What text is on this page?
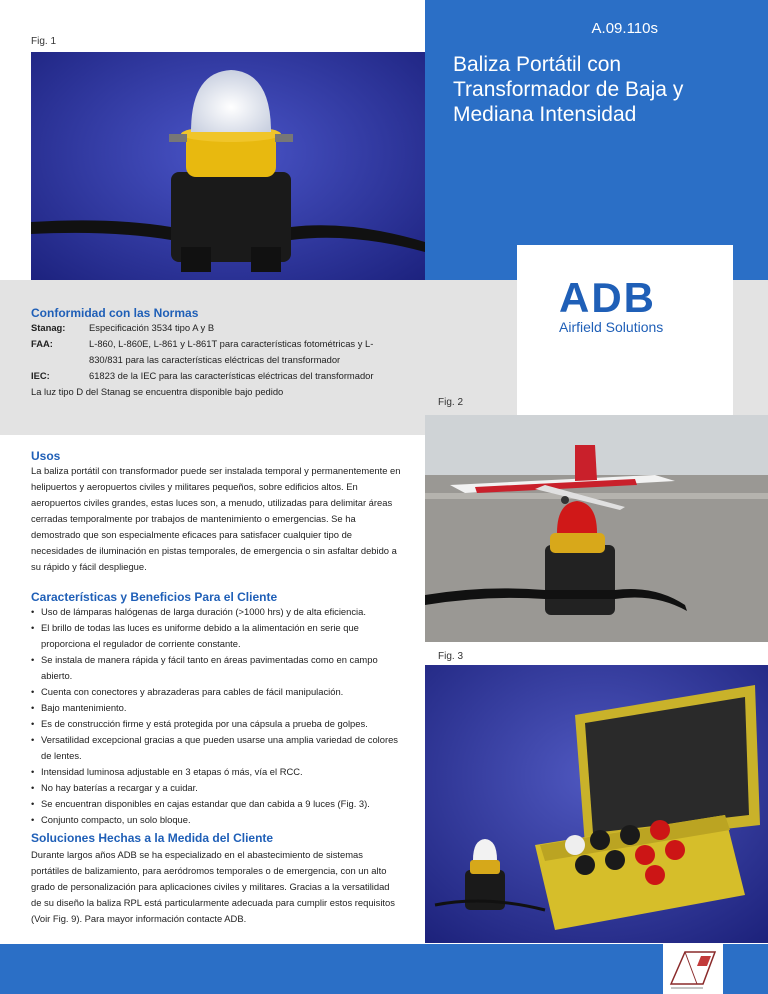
Fig. 1
Baliza Portátil con Transformador de Baja y Mediana Intensidad
ADB
Airfield Solutions
Conformidad con las Normas
Stanag:	Especificación 3534 tipo A y B
FAA:	L-860, L-860E, L-861 y L-861T para características fotométricas y L-830/831 para las características eléctricas del transformador
IEC:	61823 de la IEC para las características eléctricas del transformador
La luz tipo D del Stanag se encuentra disponible bajo pedido
Fig. 2
Usos

La baliza portátil con transformador puede ser instalada temporal y permanentemente en helipuertos y aeropuertos civiles y militares pequeños, sobre edificios altos. En aeropuertos civiles grandes, estas luces son, a menudo, utilizadas para delimitar áreas cerradas temporalmente por trabajos de mantenimiento o emergencias. Se ha demostrado que son especialmente eficaces para satisfacer cualquier tipo de necesidades de iluminación en pistas temporales, de emergencia o sin asfaltar debido a su rápido y fácil despliegue.

Características y Beneficios Para el Cliente
• Uso de lámparas halógenas de larga duración (>1000 hrs) y de alta eficiencia.
• El brillo de todas las luces es uniforme debido a la alimentación en serie que proporciona el regulador de corriente constante.
• Se instala de manera rápida y fácil tanto en áreas pavimentadas como en campo abierto.
• Cuenta con conectores y abrazaderas para cables de fácil manipulación.
• Bajo mantenimiento.
• Es de construcción firme y está protegida por una cápsula a prueba de golpes.
• Versatilidad excepcional gracias a que pueden usarse una amplia variedad de colores de lentes.
• Intensidad luminosa adjustable en 3 etapas ó más, vía el RCC.
• No hay baterías a recargar y a cuidar.
• Se encuentran disponibles en cajas estandar que dan cabida a 9 luces (Fig. 3).
• Conjunto compacto, un solo bloque.
Fig. 3
Soluciones Hechas a la Medida del Cliente

Durante largos años ADB se ha especializado en el abastecimiento de sistemas portátiles de balizamiento, para aeródromos temporales o de emergencia, con un alto grado de personalización para aplicaciones civiles y militares. Gracias a la versatilidad de su diseño la baliza RPL está particularmente adecuada para cumplir estos requisitos (Voir Fig. 9). Para mayor información contacte ADB.

A.09.110s
